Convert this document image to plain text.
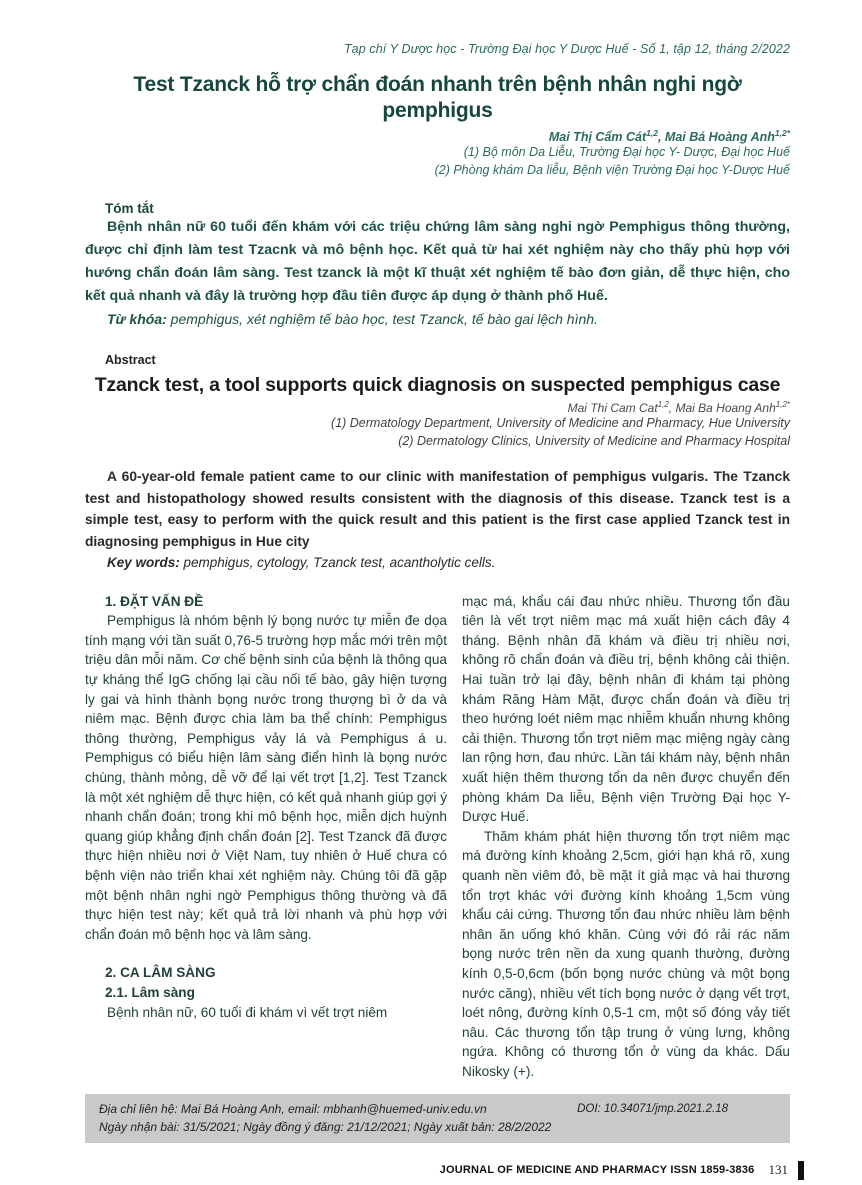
Tạp chí Y Dược học - Trường Đại học Y Dược Huế - Số 1, tập 12, tháng 2/2022
Test Tzanck hỗ trợ chẩn đoán nhanh trên bệnh nhân nghi ngờ pemphigus
Mai Thị Cẩm Cát$^{1,2}$, Mai Bá Hoàng Anh$^{1,2*}$
(1) Bộ môn Da Liễu, Trường Đại học Y- Dược, Đại học Huế
(2) Phòng khám Da liễu, Bệnh viện Trường Đại học Y-Dược Huế
Tóm tắt

Bệnh nhân nữ 60 tuổi đến khám với các triệu chứng lâm sàng nghi ngờ Pemphigus thông thường, được chỉ định làm test Tzacnk và mô bệnh học. Kết quả từ hai xét nghiệm này cho thấy phù hợp với hướng chẩn đoán lâm sàng. Test tzanck là một kĩ thuật xét nghiệm tế bào đơn giản, dễ thực hiện, cho kết quả nhanh và đây là trường hợp đầu tiên được áp dụng ở thành phố Huế.

Từ khóa: pemphigus, xét nghiệm tế bào học, test Tzanck, tế bào gai lệch hình.
Abstract
Tzanck test, a tool supports quick diagnosis on suspected pemphigus case
Mai Thi Cam Cat$^{1,2}$, Mai Ba Hoang Anh$^{1,2*}$
(1) Dermatology Department, University of Medicine and Pharmacy, Hue University
(2) Dermatology Clinics, University of Medicine and Pharmacy Hospital

A 60-year-old female patient came to our clinic with manifestation of pemphigus vulgaris. The Tzanck test and histopathology showed results consistent with the diagnosis of this disease. Tzanck test is a simple test, easy to perform with the quick result and this patient is the first case applied Tzanck test in diagnosing pemphigus in Hue city

Key words: pemphigus, cytology, Tzanck test, acantholytic cells.
1. ĐẶT VẤN ĐỀ

Pemphigus là nhóm bệnh lý bọng nước tự miễn đe dọa tính mạng với tần suất 0,76-5 trường hợp mắc mới trên một triệu dân mỗi năm. Cơ chế bệnh sinh của bệnh là thông qua tự kháng thể IgG chống lại cầu nối tế bào, gây hiện tượng ly gai và hình thành bọng nước trong thượng bì ở da và niêm mạc. Bệnh được chia làm ba thể chính: Pemphigus thông thường, Pemphigus vảy lá và Pemphigus á u. Pemphigus có biểu hiện lâm sàng điển hình là bọng nước chùng, thành mỏng, dễ vỡ để lại vết trợt [1,2]. Test Tzanck là một xét nghiệm dễ thực hiện, có kết quả nhanh giúp gợi ý nhanh chẩn đoán; trong khi mô bệnh học, miễn dịch huỳnh quang giúp khẳng định chẩn đoán [2]. Test Tzanck đã được thực hiện nhiều nơi ở Việt Nam, tuy nhiên ở Huế chưa có bệnh viện nào triển khai xét nghiệm này. Chúng tôi đã gặp một bệnh nhân nghi ngờ Pemphigus thông thường và đã thực hiện test này; kết quả trả lời nhanh và phù hợp với chẩn đoán mô bệnh học và lâm sàng.

2. CA LÂM SÀNG
2.1. Lâm sàng

Bệnh nhân nữ, 60 tuổi đi khám vì vết trợt niêm

mạc má, khẩu cái đau nhức nhiều. Thương tổn đầu tiên là vết trợt niêm mạc má xuất hiện cách đây 4 tháng. Bệnh nhân đã khám và điều trị nhiều nơi, không rõ chẩn đoán và điều trị, bệnh không cải thiện. Hai tuần trở lại đây, bệnh nhân đi khám tại phòng khám Răng Hàm Mặt, được chẩn đoán và điều trị theo hướng loét niêm mạc nhiễm khuẩn nhưng không cải thiện. Thương tổn trợt niêm mạc miệng ngày càng lan rộng hơn, đau nhức. Lần tái khám này, bệnh nhân xuất hiện thêm thương tổn da nên được chuyển đến phòng khám Da liễu, Bệnh viện Trường Đại học Y-Dược Huế.

Thăm khám phát hiện thương tổn trợt niêm mạc má đường kính khoảng 2,5cm, giới hạn khá rõ, xung quanh nền viêm đỏ, bề mặt ít giả mạc và hai thương tổn trợt khác với đường kính khoảng 1,5cm vùng khẩu cái cứng. Thương tổn đau nhức nhiều làm bệnh nhân ăn uống khó khăn. Cùng với đó rải rác năm bọng nước trên nền da xung quanh thường, đường kính 0,5-0,6cm (bốn bọng nước chùng và một bọng nước căng), nhiều vết tích bọng nước ở dạng vết trợt, loét nông, đường kính 0,5-1 cm, một số đóng vảy tiết nâu. Các thương tổn tập trung ở vùng lưng, không ngứa. Không có thương tổn ở vùng da khác. Dấu Nikosky (+).

Địa chỉ liên hệ: Mai Bá Hoàng Anh, email: mbhanh@huemed-univ.edu.vn	DOI: 10.34071/jmp.2021.2.18
Ngày nhận bài: 31/5/2021; Ngày đồng ý đăng: 21/12/2021; Ngày xuất bản: 28/2/2022
JOURNAL OF MEDICINE AND PHARMACY ISSN 1859-3836 131
